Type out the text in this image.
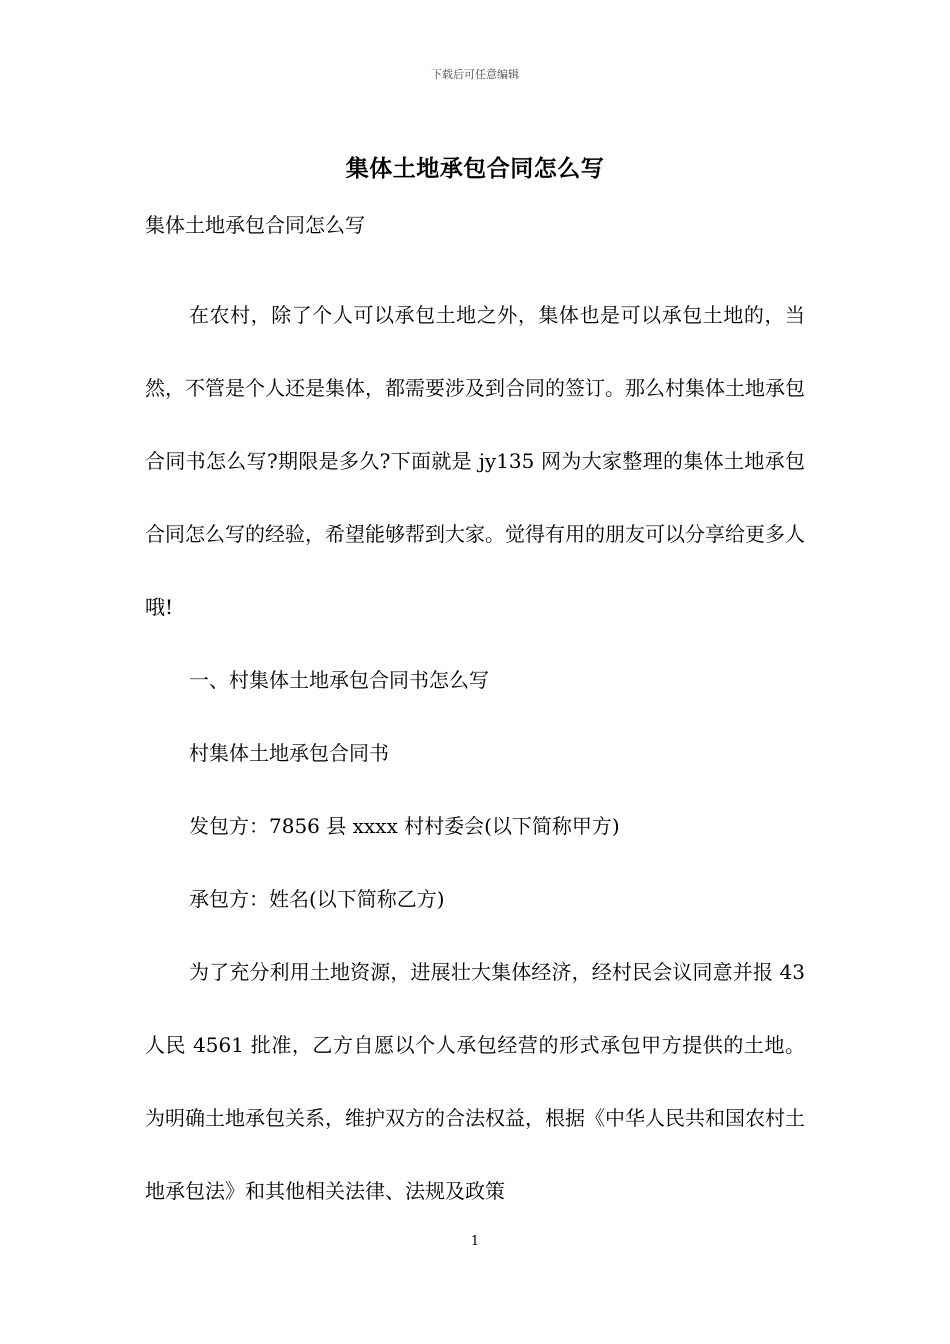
下载后可任意编辑
集体土地承包合同怎么写
集体土地承包合同怎么写

在农村，除了个人可以承包土地之外，集体也是可以承包土地的，当然，不管是个人还是集体，都需要涉及到合同的签订。那么村集体土地承包合同书怎么写?期限是多久?下面就是 jy135 网为大家整理的集体土地承包合同怎么写的经验，希望能够帮到大家。觉得有用的朋友可以分享给更多人哦!

一、村集体土地承包合同书怎么写

村集体土地承包合同书

发包方：7856 县 xxxx 村村委会(以下简称甲方)

承包方：姓名(以下简称乙方)

为了充分利用土地资源，进展壮大集体经济，经村民会议同意并报 43 人民 4561 批准，乙方自愿以个人承包经营的形式承包甲方提供的土地。为明确土地承包关系，维护双方的合法权益，根据《中华人民共和国农村土地承包法》和其他相关法律、法规及政策

1
